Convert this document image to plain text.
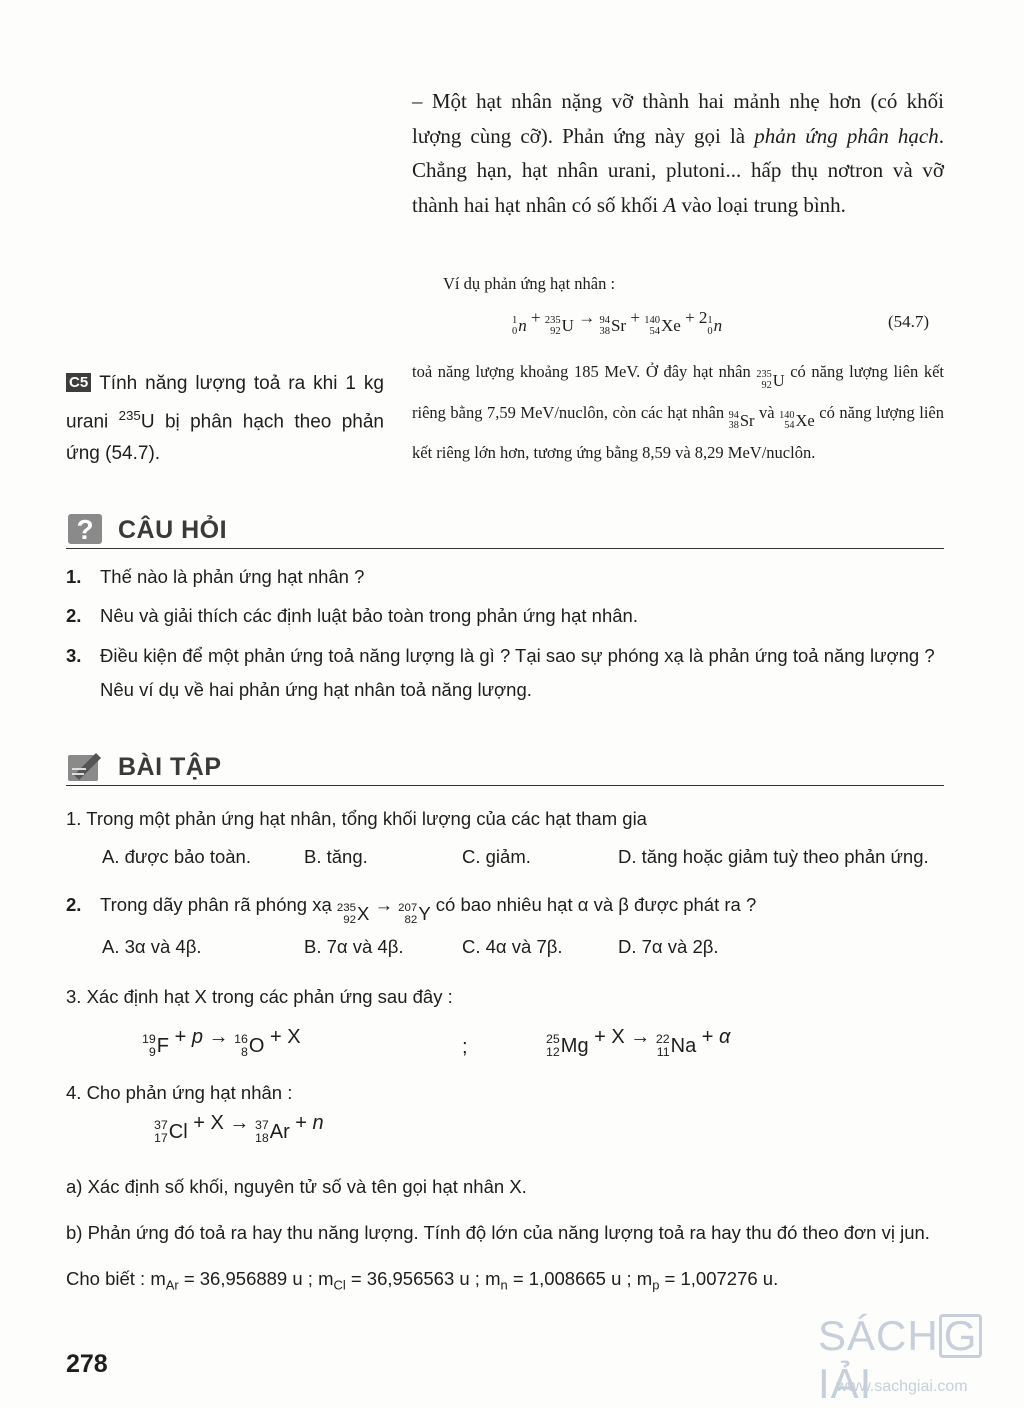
– Một hạt nhân nặng vỡ thành hai mảnh nhẹ hơn (có khối lượng cùng cỡ). Phản ứng này gọi là phản ứng phân hạch. Chẳng hạn, hạt nhân urani, plutoni... hấp thụ nơtron và vỡ thành hai hạt nhân có số khối A vào loại trung bình.

Ví dụ phản ứng hạt nhân :
1
0 n + 235
92 U → 94
38 Sr + 140
54 Xe + 2 1
0 n	(54.7)
toả năng lượng khoảng 185 MeV. Ở đây hạt nhân 235
92 U có năng lượng liên kết riêng bằng 7,59 MeV/nuclôn, còn các hạt nhân 94
38 Sr và 140
54 Xe có năng lượng liên kết riêng lớn hơn, tương ứng bằng 8,59 và 8,29 MeV/nuclôn.
C5 Tính năng lượng toả ra khi 1 kg urani $^{235}$U bị phân hạch theo phản ứng (54.7).
? CÂU HỎI
1. Thế nào là phản ứng hạt nhân ?
2. Nêu và giải thích các định luật bảo toàn trong phản ứng hạt nhân.
3. Điều kiện để một phản ứng toả năng lượng là gì ? Tại sao sự phóng xạ là phản ứng toả năng lượng ?
Nêu ví dụ về hai phản ứng hạt nhân toả năng lượng.
BÀI TẬP
1. Trong một phản ứng hạt nhân, tổng khối lượng của các hạt tham gia
A. được bảo toàn.	B. tăng.	C. giảm.	D. tăng hoặc giảm tuỳ theo phản ứng.
2. Trong dãy phân rã phóng xạ 235
92 X → 207
82 Y có bao nhiêu hạt α và β được phát ra ?
A. 3α và 4β.	B. 7α và 4β.	C. 4α và 7β.	D. 7α và 2β.
3. Xác định hạt X trong các phản ứng sau đây :
19
9 F + p → 16
8 O + X	;	25
12 Mg + X → 22
11 Na + α
4. Cho phản ứng hạt nhân :
37
17 Cl + X → 37
18 Ar + n
a) Xác định số khối, nguyên tử số và tên gọi hạt nhân X.
b) Phản ứng đó toả ra hay thu năng lượng. Tính độ lớn của năng lượng toả ra hay thu đó theo đơn vị jun.
Cho biết : $m_{Ar} = 36,956889$ u ; $m_{Cl} = 36,956563$ u ; $m_n = 1,008665$ u ; $m_p = 1,007276$ u.
278
SÁCH GIẢI
www.sachgiai.com
